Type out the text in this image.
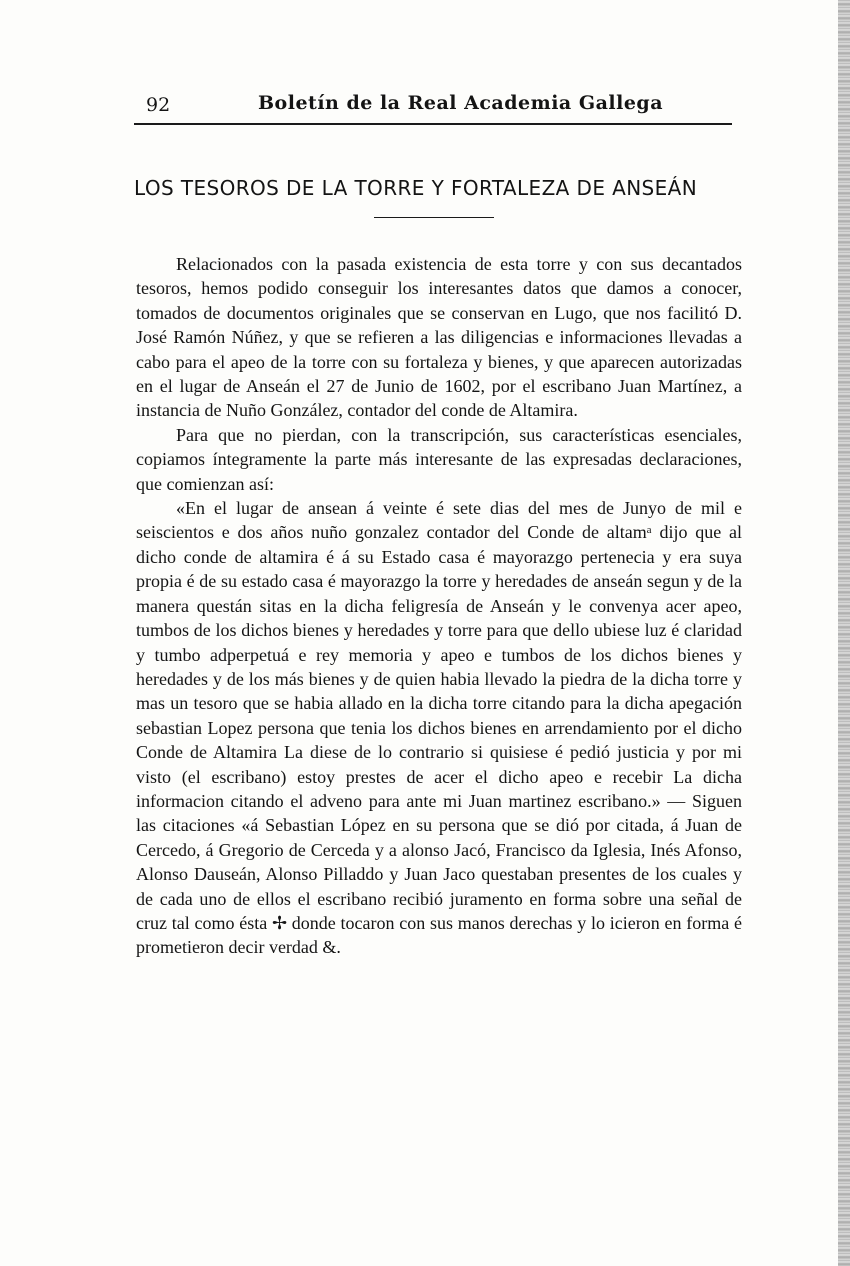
92	Boletín de la Real Academia Gallega
LOS TESOROS DE LA TORRE Y FORTALEZA DE ANSEÁN

Relacionados con la pasada existencia de esta torre y con sus decantados tesoros, hemos podido conseguir los interesantes datos que damos a conocer, tomados de documentos originales que se conservan en Lugo, que nos facilitó D. José Ramón Núñez, y que se refieren a las diligencias e informaciones llevadas a cabo para el apeo de la torre con su fortaleza y bienes, y que aparecen autorizadas en el lugar de Anseán el 27 de Junio de 1602, por el escribano Juan Martínez, a instancia de Nuño González, contador del conde de Altamira.

Para que no pierdan, con la transcripción, sus características esenciales, copiamos íntegramente la parte más interesante de las expresadas declaraciones, que comienzan así:

«En el lugar de ansean á veinte é sete dias del mes de Junyo de mil e seiscientos e dos años nuño gonzalez contador del Conde de altamᵃ dijo que al dicho conde de altamira é á su Estado casa é mayorazgo pertenecia y era suya propia é de su estado casa é mayorazgo la torre y heredades de anseán segun y de la manera questán sitas en la dicha feligresía de Anseán y le convenya acer apeo, tumbos de los dichos bienes y heredades y torre para que dello ubiese luz é claridad y tumbo adperpetuá e rey memoria y apeo e tumbos de los dichos bienes y heredades y de los más bienes y de quien habia llevado la piedra de la dicha torre y mas un tesoro que se habia allado en la dicha torre citando para la dicha apegación sebastian Lopez persona que tenia los dichos bienes en arrendamiento por el dicho Conde de Altamira La diese de lo contrario si quisiese é pedió justicia y por mi visto (el escribano) estoy prestes de acer el dicho apeo e recebir La dicha informacion citando el adveno para ante mi Juan martinez escribano.» — Siguen las citaciones «á Sebastian López en su persona que se dió por citada, á Juan de Cercedo, á Gregorio de Cerceda y a alonso Jacó, Francisco da Iglesia, Inés Afonso, Alonso Dauseán, Alonso Pilladdo y Juan Jaco questaban presentes de los cuales y de cada uno de ellos el escribano recibió juramento en forma sobre una señal de cruz tal como ésta ✢ donde tocaron con sus manos derechas y lo icieron en forma é prometieron decir verdad &.
